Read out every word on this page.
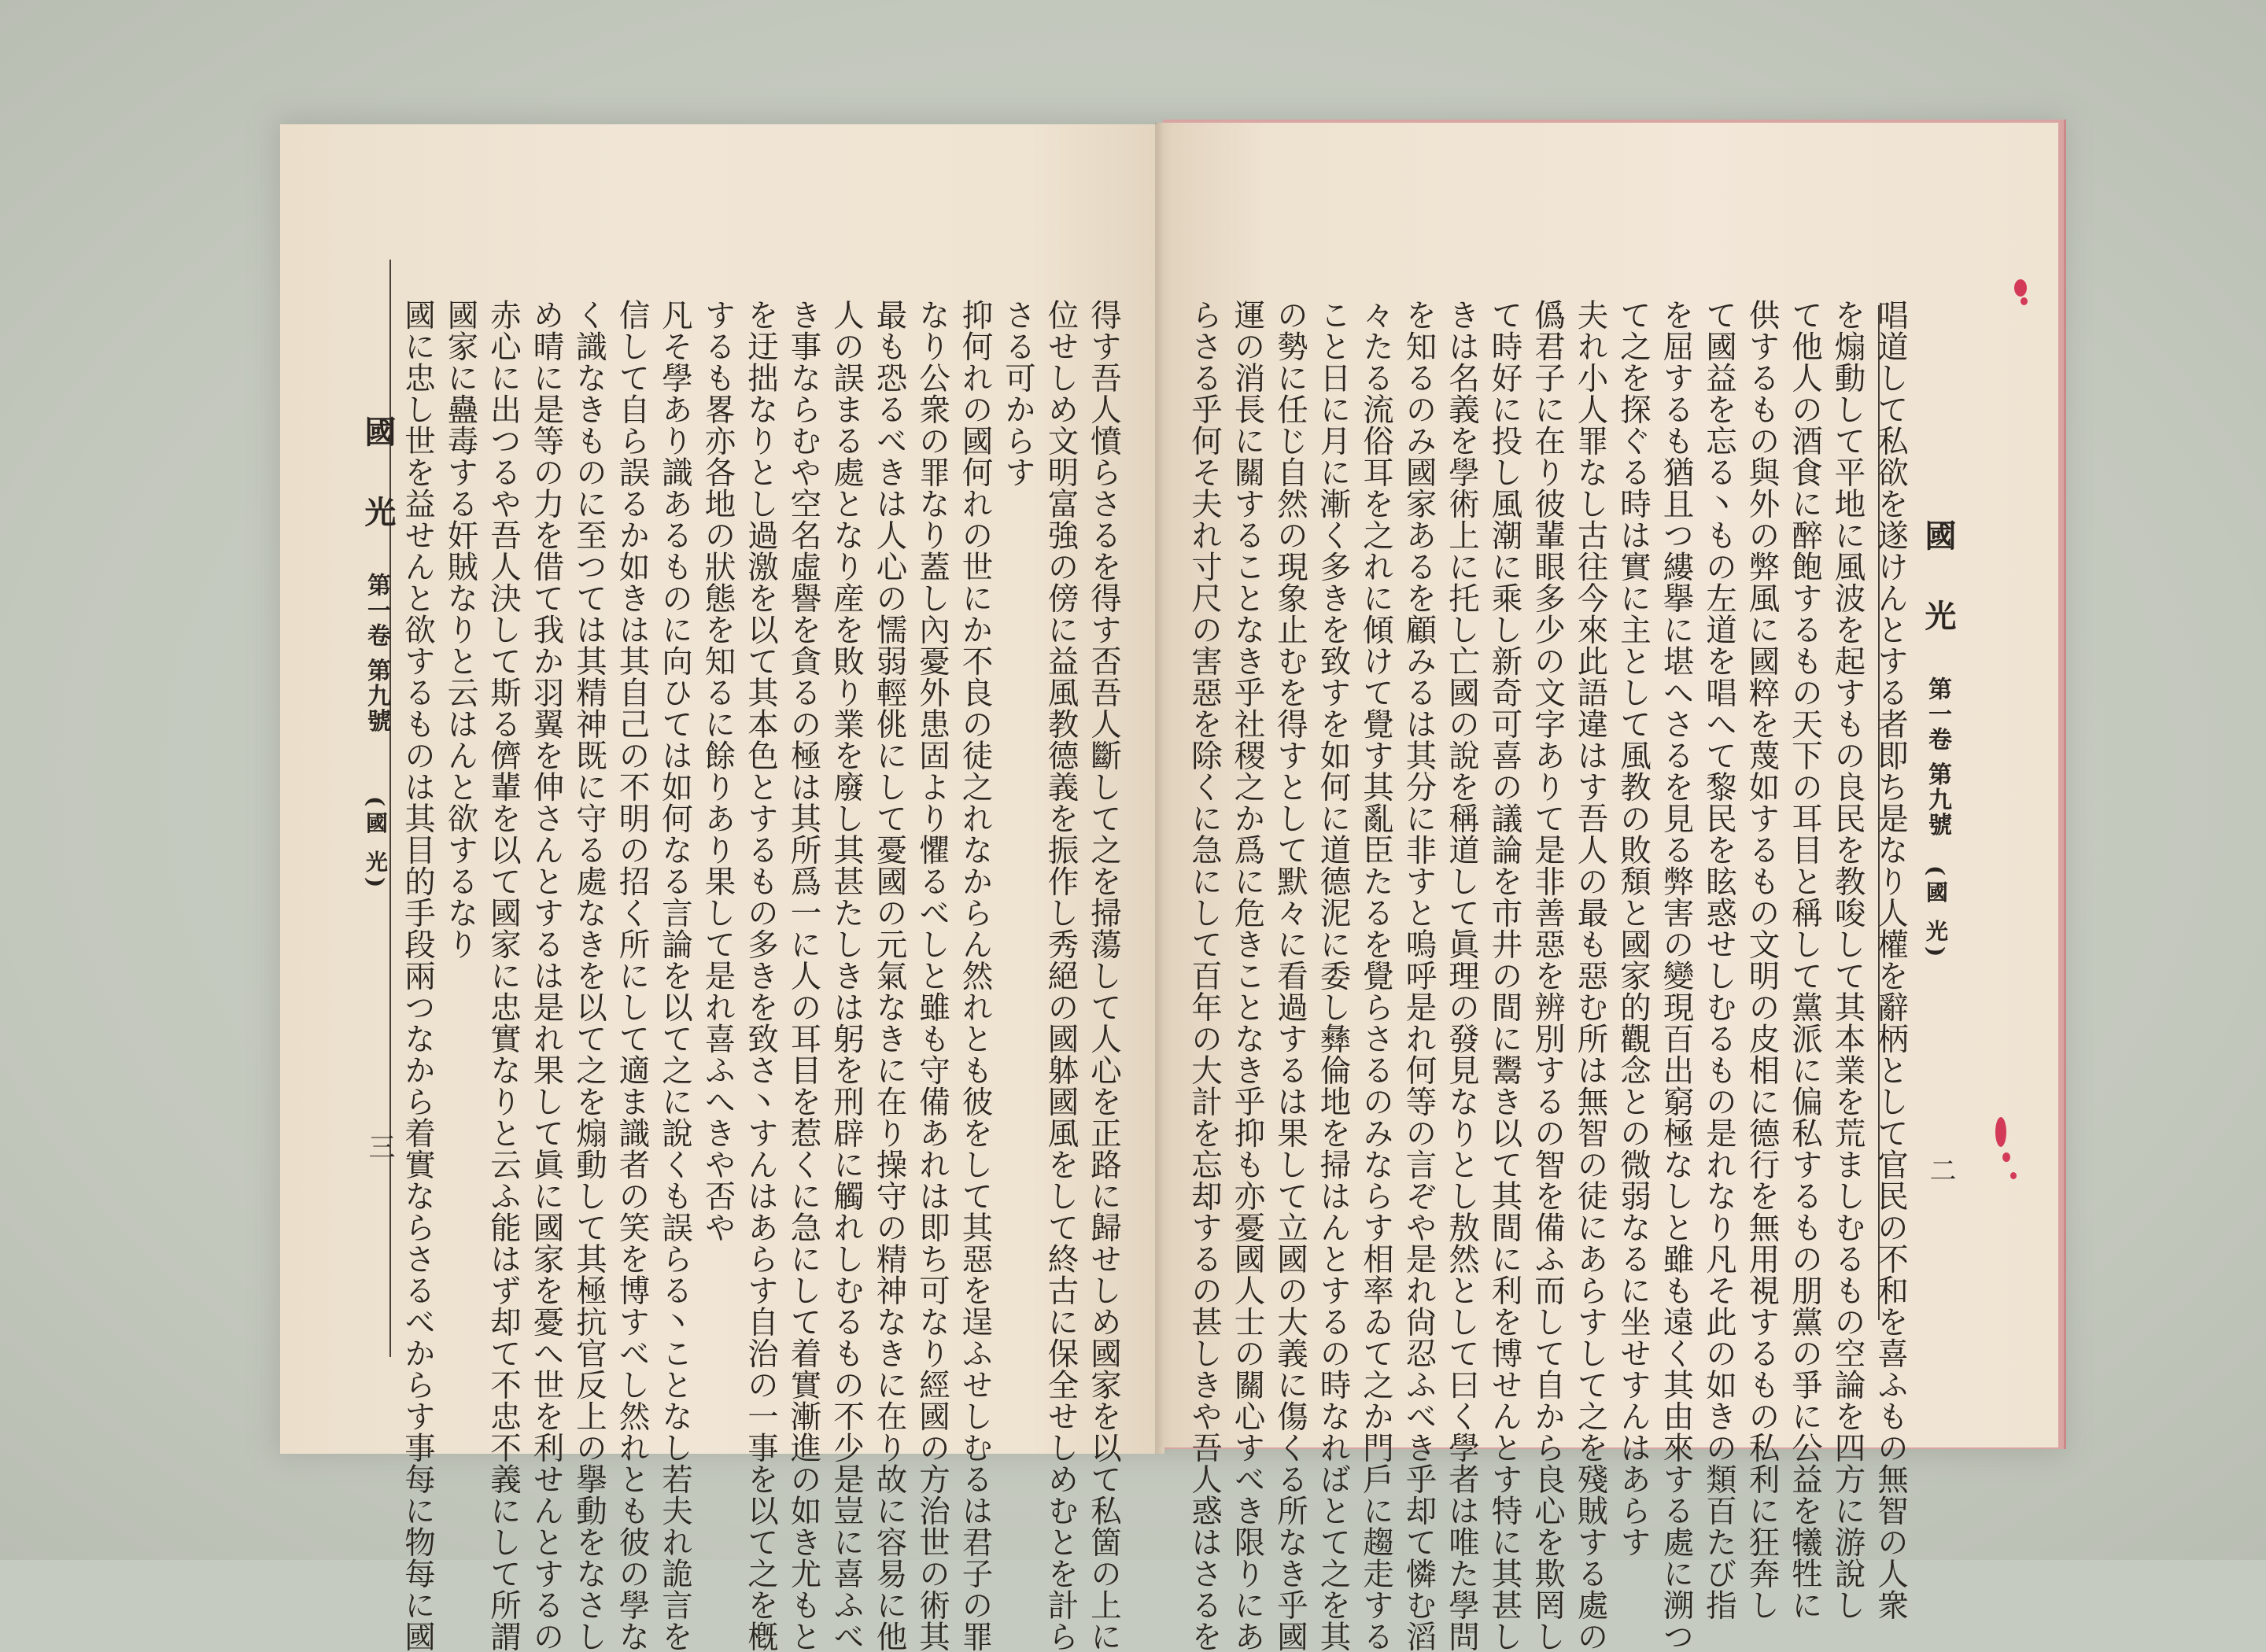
國 光
第一卷 第九號
(國 光)
三
國 光
第一卷 第九號
(國 光)
二
得す吾人憤らさるを得す否吾人斷して之を掃蕩して人心を正路に歸せしめ國家を以て私箇の上に
位せしめ文明富強の傍に益風教德義を振作し秀絕の國躰國風をして終古に保全せしめむとを計ら
さる可からす
抑何れの國何れの世にか不良の徒之れなからん然れとも彼をして其惡を逞ふせしむるは君子の罪
なり公衆の罪なり蓋し內憂外患固より懼るべしと雖も守備あれは即ち可なり經國の方治世の術其
最も恐るべきは人心の懦弱輕佻にして憂國の元氣なきに在り操守の精神なきに在り故に容易に他
人の誤まる處となり産を敗り業を廢し其甚たしきは躬を刑辟に觸れしむるもの不少是豈に喜ふべ
き事ならむや空名虛譽を貪るの極は其所爲一に人の耳目を惹くに急にして着實漸進の如き尤もと
を迂拙なりとし過激を以て其本色とするもの多きを致さ丶すんはあらす自治の一事を以て之を槪
するも畧亦各地の狀態を知るに餘りあり果して是れ喜ふへきや否や
凡そ學あり識あるものに向ひては如何なる言論を以て之に說くも誤らる丶ことなし若夫れ詭言を
信して自ら誤るか如きは其自己の不明の招く所にして適ま識者の笑を博すべし然れとも彼の學な
く識なきものに至つては其精神既に守る處なきを以て之を煽動して其極抗官反上の擧動をなさし
め晴に是等の力を借て我か羽翼を伸さんとするは是れ果して眞に國家を憂へ世を利せんとするの
赤心に出つるや吾人決して斯る儕輩を以て國家に忠實なりと云ふ能はず却て不忠不義にして所謂
國家に蠱毒する奸賊なりと云はんと欲するなり
國に忠し世を益せんと欲するものは其目的手段兩つなから着實ならさるべからす事每に物每に國	唱道して私欲を遂けんとする者即ち是なり人權を辭柄として官民の不和を喜ふもの無智の人衆
を煽動して平地に風波を起すもの良民を教唆して其本業を荒ましむるもの空論を四方に游說し
て他人の酒食に醉飽するもの天下の耳目と稱して黨派に偏私するもの朋黨の爭に公益を犧牲に
供するもの與外の弊風に國粹を蔑如するもの文明の皮相に德行を無用視するもの私利に狂奔し
て國益を忘る丶もの左道を唱へて黎民を眩惑せしむるもの是れなり凡そ此の如きの類百たび指
を屈するも猶且つ縷擧に堪へさるを見る弊害の變現百出窮極なしと雖も遠く其由來する處に溯つ
て之を探ぐる時は實に主として風教の敗頽と國家的觀念との微弱なるに坐せすんはあらす
夫れ小人罪なし古往今來此語違はす吾人の最も惡む所は無智の徒にあらすして之を殘賊する處の
僞君子に在り彼輩眼多少の文字ありて是非善惡を辨別するの智を備ふ而して自から良心を欺罔し
て時好に投し風潮に乘し新奇可喜の議論を市井の間に鬻き以て其間に利を博せんとす特に其甚し
きは名義を學術上に托し亡國の說を稱道して眞理の發見なりとし敖然として曰く學者は唯た學問
を知るのみ國家あるを顧みるは其分に非すと嗚呼是れ何等の言ぞや是れ尙忍ふべき乎却て憐む滔
々たる流俗耳を之れに傾けて覺す其亂臣たるを覺らさるのみならす相率ゐて之か門戶に趨走する
こと日に月に漸く多きを致すを如何に道德泥に委し彝倫地を掃はんとするの時なればとて之を其
の勢に任じ自然の現象止むを得すとして默々に看過するは果して立國の大義に傷くる所なき乎國
運の消長に關することなき乎社稷之か爲に危きことなき乎抑も亦憂國人士の關心すべき限りにあ
らさる乎何そ夫れ寸尺の害惡を除くに急にして百年の大計を忘却するの甚しきや吾人惑はさるを
